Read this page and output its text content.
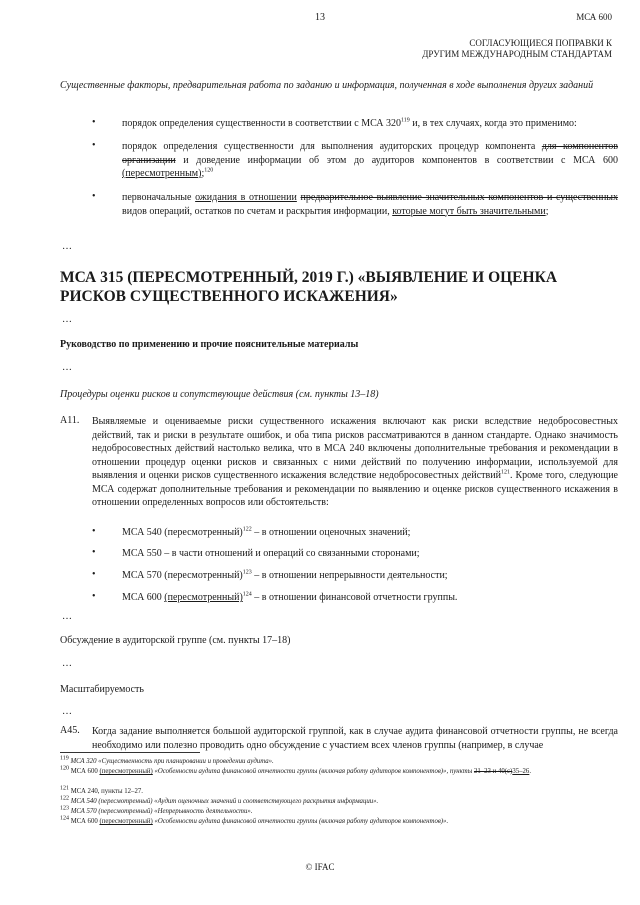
13	МСА 600
СОГЛАСУЮЩИЕСЯ ПОПРАВКИ К
ДРУГИМ МЕЖДУНАРОДНЫМ СТАНДАРТАМ
Существенные факторы, предварительная работа по заданию и информация, полученная в ходе выполнения других заданий
•	порядок определения существенности в соответствии с МСА $320^{119}$ и, в тех случаях, когда это применимо:
•	порядок определения существенности для выполнения аудиторских процедур компонента для компонентов организации и доведение информации об этом до аудиторов компонентов в соответствии с МСА 600 (пересмотренным);$^{120}$
•	первоначальные ожидания в отношении предварительное выявление значительных компонентов и существенных видов операций, остатков по счетам и раскрытия информации, которые могут быть значительными;
…
МСА 315 (ПЕРЕСМОТРЕННЫЙ, 2019 Г.) «ВЫЯВЛЕНИЕ И ОЦЕНКА РИСКОВ СУЩЕСТВЕННОГО ИСКАЖЕНИЯ»
…
Руководство по применению и прочие пояснительные материалы
…
Процедуры оценки рисков и сопутствующие действия (см. пункты 13–18)
A11. Выявляемые и оцениваемые риски существенного искажения включают как риски вследствие недобросовестных действий, так и риски в результате ошибок, и оба типа рисков рассматриваются в данном стандарте. Однако значимость недобросовестных действий настолько велика, что в МСА 240 включены дополнительные требования и рекомендации в отношении процедур оценки рисков и связанных с ними действий по получению информации, используемой для выявления и оценки рисков существенного искажения вследствие недобросовестных действий$^{121}$. Кроме того, следующие МСА содержат дополнительные требования и рекомендации по выявлению и оценке рисков существенного искажения в отношении определенных вопросов или обстоятельств:
•	МСА 540 (пересмотренный)$^{122}$ – в отношении оценочных значений;
•	МСА 550 – в части отношений и операций со связанными сторонами;
•	МСА 570 (пересмотренный)$^{123}$ – в отношении непрерывности деятельности;
•	МСА 600 (пересмотренный)$^{124}$ – в отношении финансовой отчетности группы.
…
Обсуждение в аудиторской группе (см. пункты 17–18)
…
Масштабируемость
…
A45. Когда задание выполняется большой аудиторской группой, как в случае аудита финансовой отчетности группы, не всегда необходимо или полезно проводить одно обсуждение с участием всех членов группы (например, в случае
$^{119}$ МСА 320 «Существенность при планировании и проведении аудита».
$^{120}$ МСА 600 (пересмотренный) «Особенности аудита финансовой отчетности группы (включая работу аудиторов компонентов)», пункты 21–23 и 40(c)35–26.
$^{121}$ МСА 240, пункты 12–27.
$^{122}$ МСА 540 (пересмотренный) «Аудит оценочных значений и соответствующего раскрытия информации».
$^{123}$ МСА 570 (пересмотренный) «Непрерывность деятельности».
$^{124}$ МСА 600 (пересмотренный) «Особенности аудита финансовой отчетности группы (включая работу аудиторов компонентов)».
© IFAC
